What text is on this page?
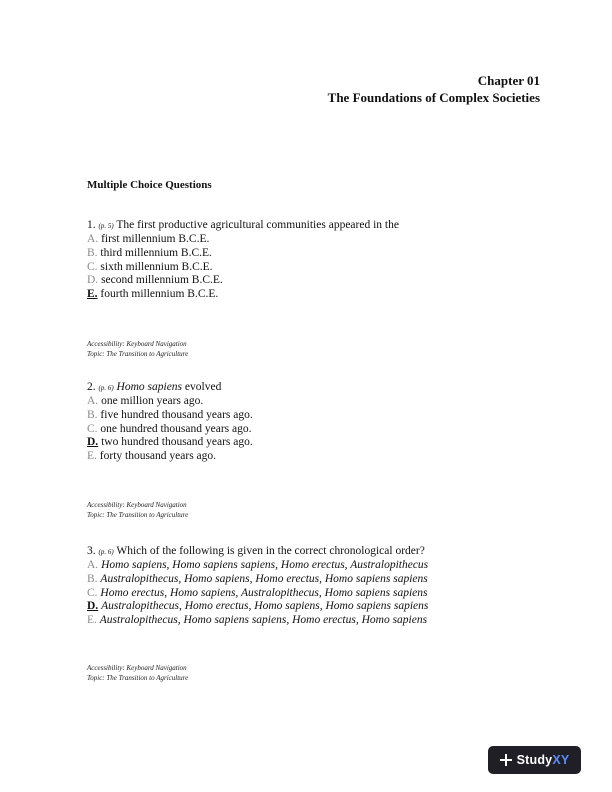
Chapter 01
The Foundations of Complex Societies
Multiple Choice Questions
1. (p. 5) The first productive agricultural communities appeared in the
A. first millennium B.C.E.
B. third millennium B.C.E.
C. sixth millennium B.C.E.
D. second millennium B.C.E.
E. fourth millennium B.C.E.
Accessibility: Keyboard Navigation
Topic: The Transition to Agriculture
2. (p. 6) Homo sapiens evolved
A. one million years ago.
B. five hundred thousand years ago.
C. one hundred thousand years ago.
D. two hundred thousand years ago.
E. forty thousand years ago.
Accessibility: Keyboard Navigation
Topic: The Transition to Agriculture
3. (p. 6) Which of the following is given in the correct chronological order?
A. Homo sapiens, Homo sapiens sapiens, Homo erectus, Australopithecus
B. Australopithecus, Homo sapiens, Homo erectus, Homo sapiens sapiens
C. Homo erectus, Homo sapiens, Australopithecus, Homo sapiens sapiens
D. Australopithecus, Homo erectus, Homo sapiens, Homo sapiens sapiens
E. Australopithecus, Homo sapiens sapiens, Homo erectus, Homo sapiens
Accessibility: Keyboard Navigation
Topic: The Transition to Agriculture
StudyXY
